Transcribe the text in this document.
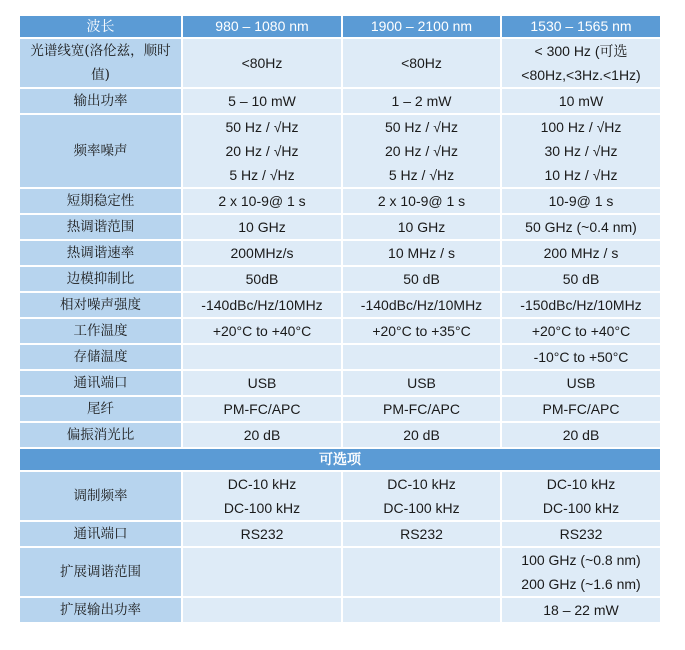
波长	980 – 1080 nm	1900 – 2100 nm	1530 – 1565 nm

光谱线宽(洛伦兹，顺时
值)	<80Hz	<80Hz	< 300 Hz (可选
<80Hz,<3Hz.<1Hz)

输出功率	5 – 10 mW	1 – 2 mW	10 mW

频率噪声	50 Hz / √Hz
20 Hz / √Hz
5 Hz / √Hz	50 Hz / √Hz
20 Hz / √Hz
5 Hz / √Hz	100 Hz / √Hz
30 Hz / √Hz
10 Hz / √Hz

短期稳定性	2 x 10-9@ 1 s	2 x 10-9@ 1 s	10-9@ 1 s

热调谐范围	10 GHz	10 GHz	50 GHz (~0.4 nm)

热调谐速率	200MHz/s	10 MHz / s	200 MHz / s

边模抑制比	50dB	50 dB	50 dB

相对噪声强度	-140dBc/Hz/10MHz	-140dBc/Hz/10MHz	-150dBc/Hz/10MHz

工作温度	+20°C to +40°C	+20°C to +35°C	+20°C to +40°C

存储温度			-10°C to +50°C

通讯端口	USB	USB	USB

尾纤	PM-FC/APC	PM-FC/APC	PM-FC/APC

偏振消光比	20 dB	20 dB	20 dB

可选项			

调制频率	DC-10 kHz
DC-100 kHz	DC-10 kHz
DC-100 kHz	DC-10 kHz
DC-100 kHz

通讯端口	RS232	RS232	RS232

扩展调谐范围			100 GHz (~0.8 nm)
200 GHz (~1.6 nm)

扩展输出功率			18 – 22 mW
